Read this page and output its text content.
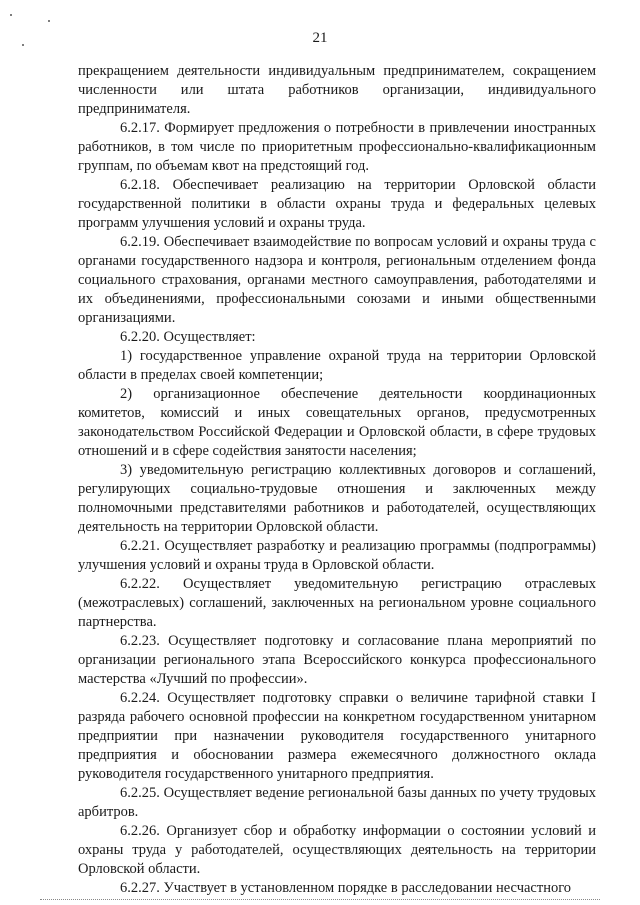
21

прекращением деятельности индивидуальным предпринимателем, сокращением численности или штата работников организации, индивидуального предпринимателя.

6.2.17. Формирует предложения о потребности в привлечении иностранных работников, в том числе по приоритетным профессионально-квалификационным группам, по объемам квот на предстоящий год.

6.2.18. Обеспечивает реализацию на территории Орловской области государственной политики в области охраны труда и федеральных целевых программ улучшения условий и охраны труда.

6.2.19. Обеспечивает взаимодействие по вопросам условий и охраны труда с органами государственного надзора и контроля, региональным отделением фонда социального страхования, органами местного самоуправления, работодателями и их объединениями, профессиональными союзами и иными общественными организациями.

6.2.20. Осуществляет:

1) государственное управление охраной труда на территории Орловской области в пределах своей компетенции;

2) организационное обеспечение деятельности координационных комитетов, комиссий и иных совещательных органов, предусмотренных законодательством Российской Федерации и Орловской области, в сфере трудовых отношений и в сфере содействия занятости населения;

3) уведомительную регистрацию коллективных договоров и соглашений, регулирующих социально-трудовые отношения и заключенных между полномочными представителями работников и работодателей, осуществляющих деятельность на территории Орловской области.

6.2.21. Осуществляет разработку и реализацию программы (подпрограммы) улучшения условий и охраны труда в Орловской области.

6.2.22. Осуществляет уведомительную регистрацию отраслевых (межотраслевых) соглашений, заключенных на региональном уровне социального партнерства.

6.2.23. Осуществляет подготовку и согласование плана мероприятий по организации регионального этапа Всероссийского конкурса профессионального мастерства «Лучший по профессии».

6.2.24. Осуществляет подготовку справки о величине тарифной ставки I разряда рабочего основной профессии на конкретном государственном унитарном предприятии при назначении руководителя государственного унитарного предприятия и обосновании размера ежемесячного должностного оклада руководителя государственного унитарного предприятия.

6.2.25. Осуществляет ведение региональной базы данных по учету трудовых арбитров.

6.2.26. Организует сбор и обработку информации о состоянии условий и охраны труда у работодателей, осуществляющих деятельность на территории Орловской области.

6.2.27. Участвует в установленном порядке в расследовании несчастного
